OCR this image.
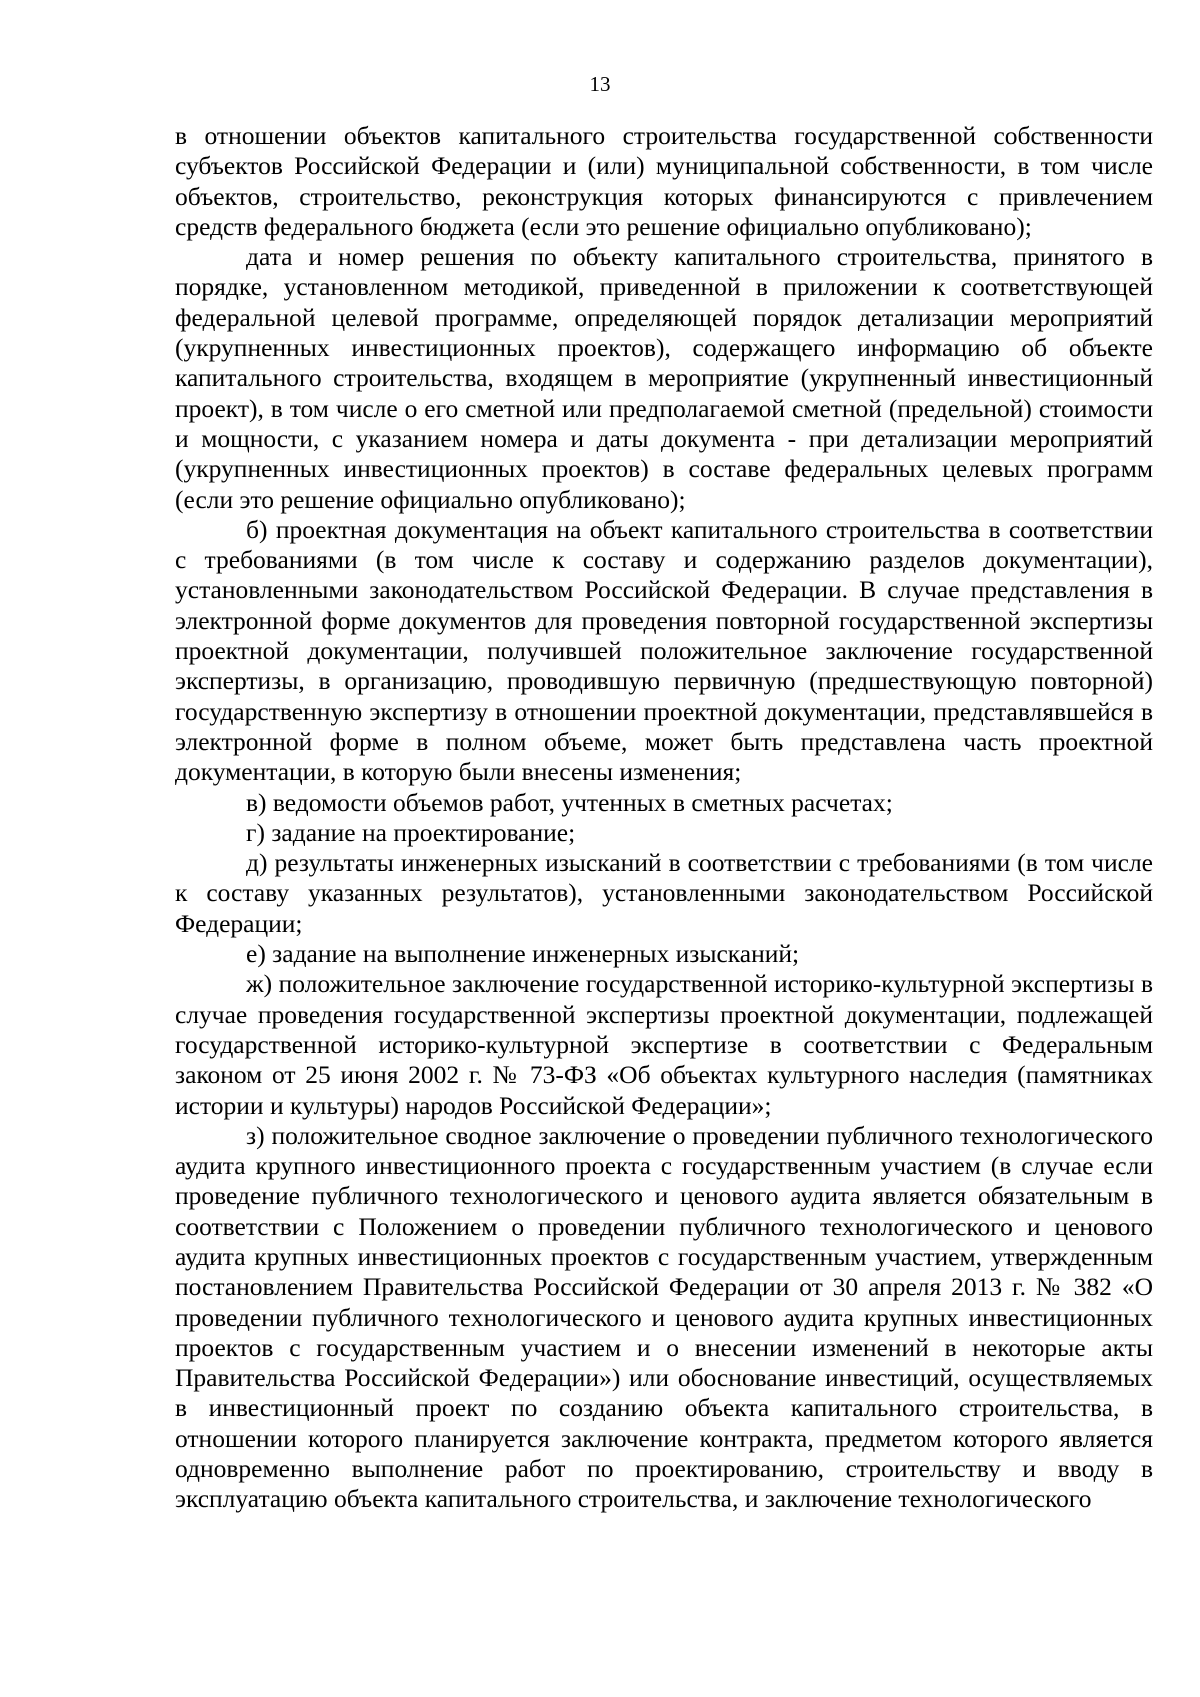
13

в отношении объектов капитального строительства государственной собственности субъектов Российской Федерации и (или) муниципальной собственности, в том числе объектов, строительство, реконструкция которых финансируются с привлечением средств федерального бюджета (если это решение официально опубликовано);

дата и номер решения по объекту капитального строительства, принятого в порядке, установленном методикой, приведенной в приложении к соответствующей федеральной целевой программе, определяющей порядок детализации мероприятий (укрупненных инвестиционных проектов), содержащего информацию об объекте капитального строительства, входящем в мероприятие (укрупненный инвестиционный проект), в том числе о его сметной или предполагаемой сметной (предельной) стоимости и мощности, с указанием номера и даты документа - при детализации мероприятий (укрупненных инвестиционных проектов) в составе федеральных целевых программ (если это решение официально опубликовано);

б) проектная документация на объект капитального строительства в соответствии с требованиями (в том числе к составу и содержанию разделов документации), установленными законодательством Российской Федерации. В случае представления в электронной форме документов для проведения повторной государственной экспертизы проектной документации, получившей положительное заключение государственной экспертизы, в организацию, проводившую первичную (предшествующую повторной) государственную экспертизу в отношении проектной документации, представлявшейся в электронной форме в полном объеме, может быть представлена часть проектной документации, в которую были внесены изменения;

в) ведомости объемов работ, учтенных в сметных расчетах;

г) задание на проектирование;

д) результаты инженерных изысканий в соответствии с требованиями (в том числе к составу указанных результатов), установленными законодательством Российской Федерации;

е) задание на выполнение инженерных изысканий;

ж) положительное заключение государственной историко-культурной экспертизы в случае проведения государственной экспертизы проектной документации, подлежащей государственной историко-культурной экспертизе в соответствии с Федеральным законом от 25 июня 2002 г. № 73-ФЗ «Об объектах культурного наследия (памятниках истории и культуры) народов Российской Федерации»;

з) положительное сводное заключение о проведении публичного технологического аудита крупного инвестиционного проекта с государственным участием (в случае если проведение публичного технологического и ценового аудита является обязательным в соответствии с Положением о проведении публичного технологического и ценового аудита крупных инвестиционных проектов с государственным участием, утвержденным постановлением Правительства Российской Федерации от 30 апреля 2013 г. № 382 «О проведении публичного технологического и ценового аудита крупных инвестиционных проектов с государственным участием и о внесении изменений в некоторые акты Правительства Российской Федерации») или обоснование инвестиций, осуществляемых в инвестиционный проект по созданию объекта капитального строительства, в отношении которого планируется заключение контракта, предметом которого является одновременно выполнение работ по проектированию, строительству и вводу в эксплуатацию объекта капитального строительства, и заключение технологического
